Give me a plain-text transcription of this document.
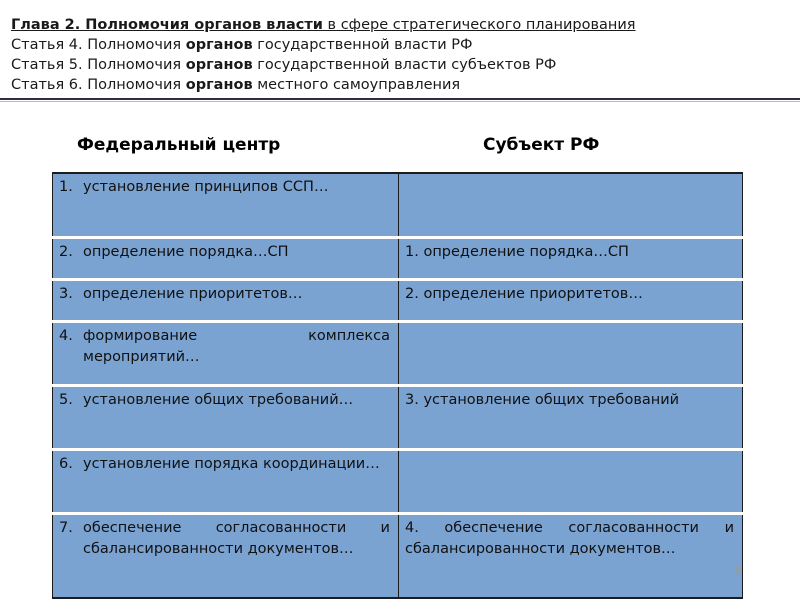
Глава 2. Полномочия органов власти в сфере стратегического планирования
Статья 4. Полномочия органов государственной власти РФ
Статья 5. Полномочия органов государственной власти субъектов РФ
Статья 6. Полномочия органов местного самоуправления
Федеральный центр	Субъект РФ
1. установление принципов ССП…	

2. определение порядка…СП	1. определение порядка…СП

3. определение приоритетов…	2. определение приоритетов…

4. формирование комплекса мероприятий…	

5. установление общих требований…	3. установление общих требований

6. установление порядка координации…	

7. обеспечение согласованности и сбалансированности документов…	4. обеспечение согласованности и сбалансированности документов…
6
